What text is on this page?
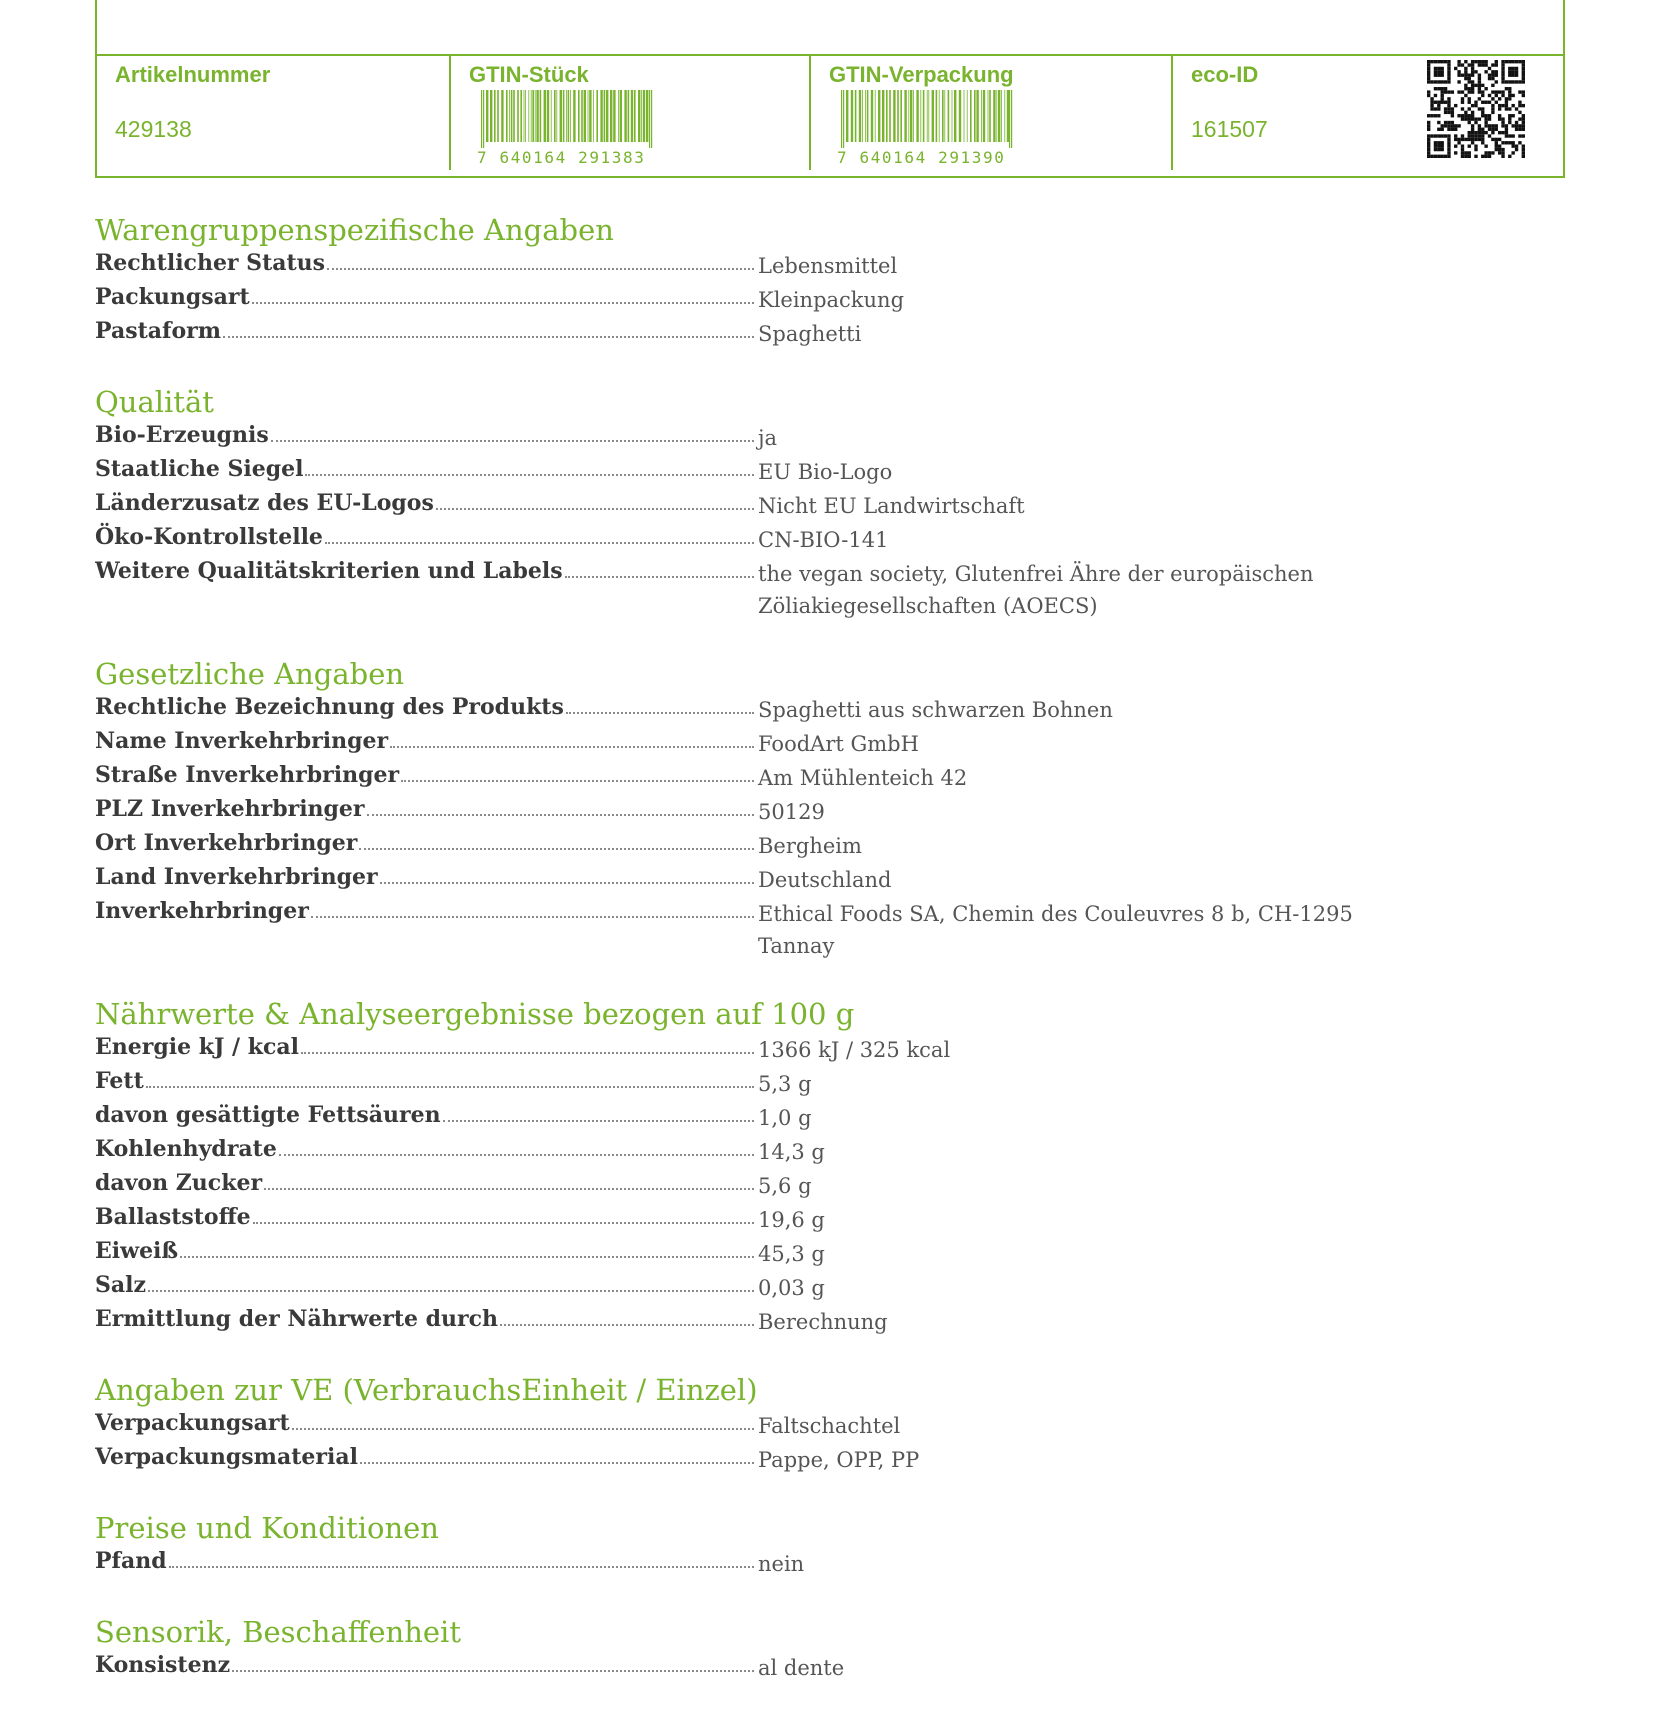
Artikelnummer
429138
GTIN-Stück
7 640164 291383
GTIN-Verpackung
7 640164 291390
eco-ID
161507
Warengruppenspezifische Angaben
Rechtlicher Status	Lebensmittel
Packungsart	Kleinpackung
Pastaform	Spaghetti
Qualität
Bio-Erzeugnis	ja
Staatliche Siegel	EU Bio-Logo
Länderzusatz des EU-Logos	Nicht EU Landwirtschaft
Öko-Kontrollstelle	CN-BIO-141
Weitere Qualitätskriterien und Labels	the vegan society, Glutenfrei Ähre der europäischen Zöliakiegesellschaften (AOECS)
Gesetzliche Angaben
Rechtliche Bezeichnung des Produkts	Spaghetti aus schwarzen Bohnen
Name Inverkehrbringer	FoodArt GmbH
Straße Inverkehrbringer	Am Mühlenteich 42
PLZ Inverkehrbringer	50129
Ort Inverkehrbringer	Bergheim
Land Inverkehrbringer	Deutschland
Inverkehrbringer	Ethical Foods SA, Chemin des Couleuvres 8 b, CH-1295 Tannay
Nährwerte & Analyseergebnisse bezogen auf 100 g
Energie kJ / kcal	1366 kJ / 325 kcal
Fett	5,3 g
davon gesättigte Fettsäuren	1,0 g
Kohlenhydrate	14,3 g
davon Zucker	5,6 g
Ballaststoffe	19,6 g
Eiweiß	45,3 g
Salz	0,03 g
Ermittlung der Nährwerte durch	Berechnung
Angaben zur VE (VerbrauchsEinheit / Einzel)
Verpackungsart	Faltschachtel
Verpackungsmaterial	Pappe, OPP, PP
Preise und Konditionen
Pfand	nein
Sensorik, Beschaffenheit
Konsistenz	al dente
